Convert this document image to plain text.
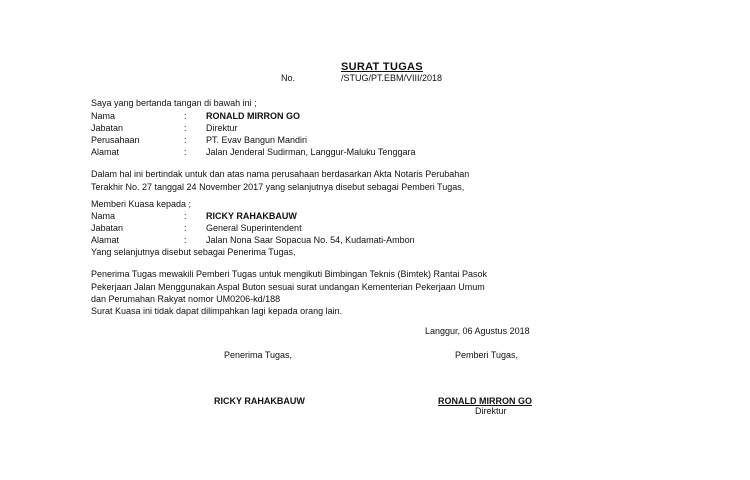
SURAT TUGAS
No.	/STUG/PT.EBM/VIII/2018
Saya yang bertanda tangan di bawah ini ;
Nama	: RONALD MIRRON GO
Jabatan	: Direktur
Perusahaan	: PT. Evav Bangun Mandiri
Alamat	: Jalan Jenderal Sudirman, Langgur-Maluku Tenggara
Dalam hal ini bertindak untuk dan atas nama perusahaan berdasarkan Akta Notaris Perubahan
Terakhir No. 27 tanggal 24 November 2017 yang selanjutnya disebut sebagai Pemberi Tugas,
Memberi Kuasa kepada ;
Nama	: RICKY RAHAKBAUW
Jabatan	: General Superintendent
Alamat	: Jalan Nona Saar Sopacua No. 54, Kudamati-Ambon
Yang selanjutnya disebut sebagai Penerima Tugas,
Penerima Tugas mewakili Pemberi Tugas untuk mengikuti Bimbingan Teknis (Bimtek) Rantai Pasok
Pekerjaan Jalan Menggunakan Aspal Buton sesuai surat undangan Kementerian Pekerjaan Umum
dan Perumahan Rakyat nomor UM0206-kd/188
Surat Kuasa ini tidak dapat dilimpahkan lagi kepada orang lain.
Langgur, 06 Agustus 2018
Penerima Tugas,	Pemberi Tugas,
RICKY RAHAKBAUW	RONALD MIRRON GO
Direktur
